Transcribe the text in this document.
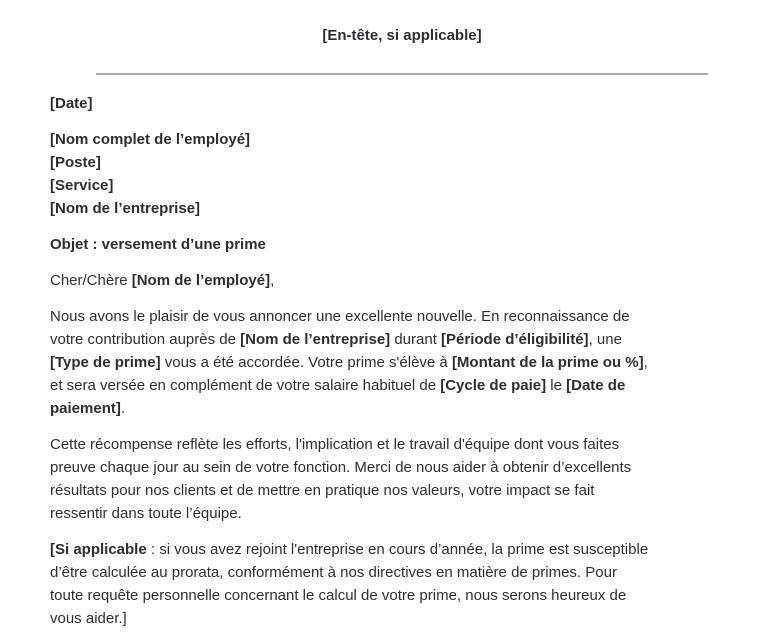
[En-tête, si applicable]
[Date]
[Nom complet de l’employé]
[Poste]
[Service]
[Nom de l’entreprise]
Objet : versement d’une prime
Cher/Chère [Nom de l’employé],
Nous avons le plaisir de vous annoncer une excellente nouvelle. En reconnaissance de
votre contribution auprès de [Nom de l’entreprise] durant [Période d’éligibilité], une
[Type de prime] vous a été accordée. Votre prime s'élève à [Montant de la prime ou %],
et sera versée en complément de votre salaire habituel de [Cycle de paie] le [Date de
paiement].
Cette récompense reflète les efforts, l'implication et le travail d'équipe dont vous faites
preuve chaque jour au sein de votre fonction. Merci de nous aider à obtenir d’excellents
résultats pour nos clients et de mettre en pratique nos valeurs, votre impact se fait
ressentir dans toute l’équipe.
[Si applicable : si vous avez rejoint l'entreprise en cours d’année, la prime est susceptible
d’être calculée au prorata, conformément à nos directives en matière de primes. Pour
toute requête personnelle concernant le calcul de votre prime, nous serons heureux de
vous aider.]
